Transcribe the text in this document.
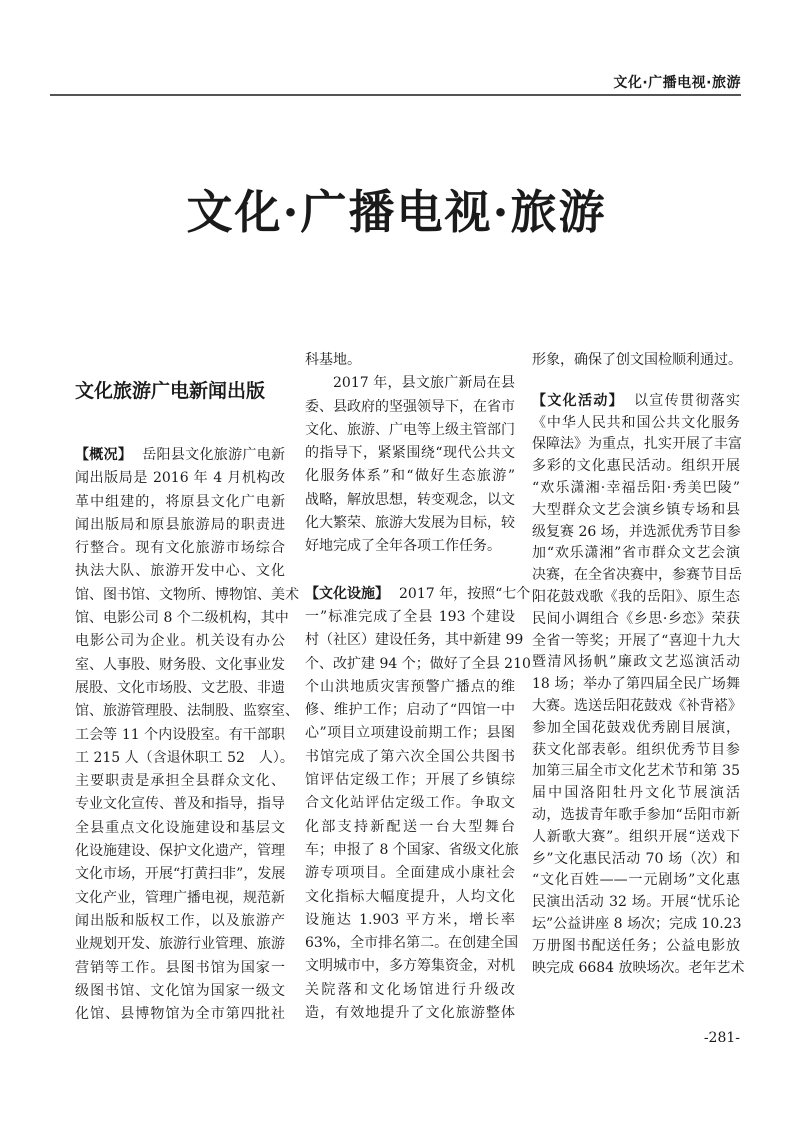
文化·广播电视·旅游
文化·广播电视·旅游
文化旅游广电新闻出版
【概况】 岳阳县文化旅游广电新
闻出版局是 2016 年 4 月机构改
革中组建的，将原县文化广电新
闻出版局和原县旅游局的职责进
行整合。现有文化旅游市场综合
执法大队、旅游开发中心、文化
馆、图书馆、文物所、博物馆、美术
馆、电影公司 8 个二级机构，其中
电影公司为企业。机关设有办公
室、人事股、财务股、文化事业发
展股、文化市场股、文艺股、非遗
馆、旅游管理股、法制股、监察室、
工会等 11 个内设股室。有干部职
工 215 人（含退休职工 52　人）。
主要职责是承担全县群众文化、
专业文化宣传、普及和指导，指导
全县重点文化设施建设和基层文
化设施建设、保护文化遗产，管理
文化市场，开展“打黄扫非”，发展
文化产业，管理广播电视，规范新
闻出版和版权工作，以及旅游产
业规划开发、旅游行业管理、旅游
营销等工作。县图书馆为国家一
级图书馆、文化馆为国家一级文
化馆、县博物馆为全市第四批社
科基地。
2017 年，县文旅广新局在县
委、县政府的坚强领导下，在省市
文化、旅游、广电等上级主管部门
的指导下，紧紧围绕“现代公共文
化服务体系”和“做好生态旅游”
战略，解放思想，转变观念，以文
化大繁荣、旅游大发展为目标，较
好地完成了全年各项工作任务。
【文化设施】 2017 年，按照“七个
一”标准完成了全县 193 个建设
村（社区）建设任务，其中新建 99
个、改扩建 94 个；做好了全县 210
个山洪地质灾害预警广播点的维
修、维护工作；启动了“四馆一中
心”项目立项建设前期工作；县图
书馆完成了第六次全国公共图书
馆评估定级工作；开展了乡镇综
合文化站评估定级工作。争取文
化部支持新配送一台大型舞台
车；申报了 8 个国家、省级文化旅
游专项项目。全面建成小康社会
文化指标大幅度提升，人均文化
设施达 1.903 平方米，增长率
63%，全市排名第二。在创建全国
文明城市中，多方筹集资金，对机
关院落和文化场馆进行升级改
造，有效地提升了文化旅游整体
形象，确保了创文国检顺利通过。
【文化活动】 以宣传贯彻落实
《中华人民共和国公共文化服务
保障法》为重点，扎实开展了丰富
多彩的文化惠民活动。组织开展
“欢乐潇湘·幸福岳阳·秀美巴陵”
大型群众文艺会演乡镇专场和县
级复赛 26 场，并选派优秀节目参
加“欢乐潇湘”省市群众文艺会演
决赛，在全省决赛中，参赛节目岳
阳花鼓戏歌《我的岳阳》、原生态
民间小调组合《乡思·乡恋》荣获
全省一等奖；开展了“喜迎十九大
暨清风扬帆”廉政文艺巡演活动
18 场；举办了第四届全民广场舞
大赛。选送岳阳花鼓戏《补背褡》
参加全国花鼓戏优秀剧目展演，
获文化部表彰。组织优秀节目参
加第三届全市文化艺术节和第 35
届中国洛阳牡丹文化节展演活
动，选拔青年歌手参加“岳阳市新
人新歌大赛”。组织开展“送戏下
乡”文化惠民活动 70 场（次）和
“文化百姓——一元剧场”文化惠
民演出活动 32 场。开展“忧乐论
坛”公益讲座 8 场次；完成 10.23
万册图书配送任务；公益电影放
映完成 6684 放映场次。老年艺术
-281-
